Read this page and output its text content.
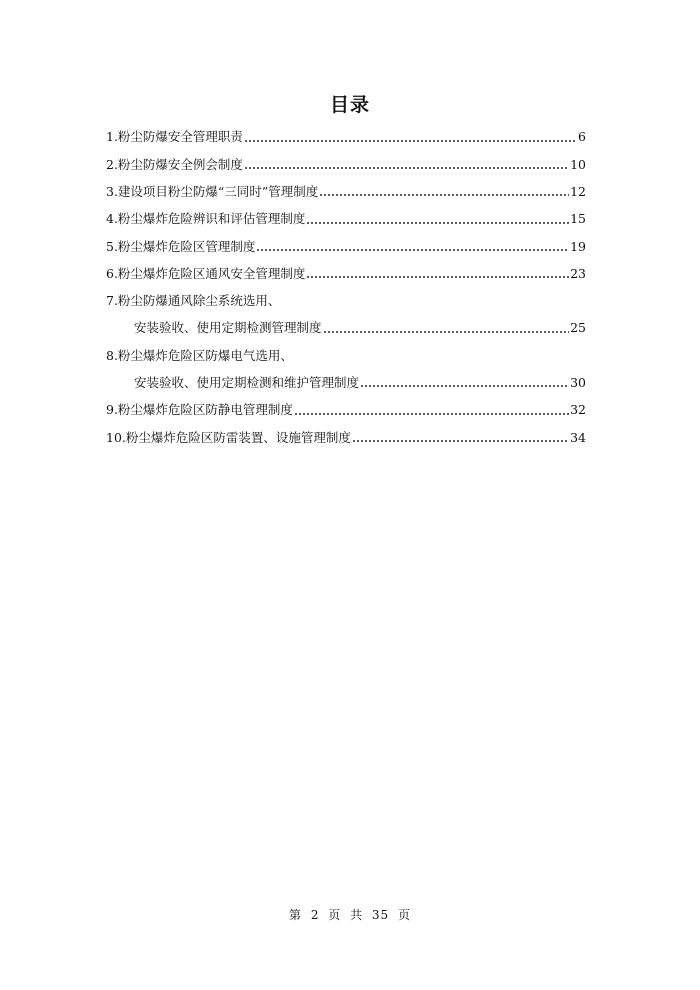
目录
1.粉尘防爆安全管理职责	6
2.粉尘防爆安全例会制度	10
3.建设项目粉尘防爆“三同时”管理制度	12
4.粉尘爆炸危险辨识和评估管理制度	15
5.粉尘爆炸危险区管理制度	19
6.粉尘爆炸危险区通风安全管理制度	23
7.粉尘防爆通风除尘系统选用、
安装验收、使用定期检测管理制度	25
8.粉尘爆炸危险区防爆电气选用、
安装验收、使用定期检测和维护管理制度	30
9.粉尘爆炸危险区防静电管理制度	32
10.粉尘爆炸危险区防雷装置、设施管理制度	34
第 2 页 共 35 页
